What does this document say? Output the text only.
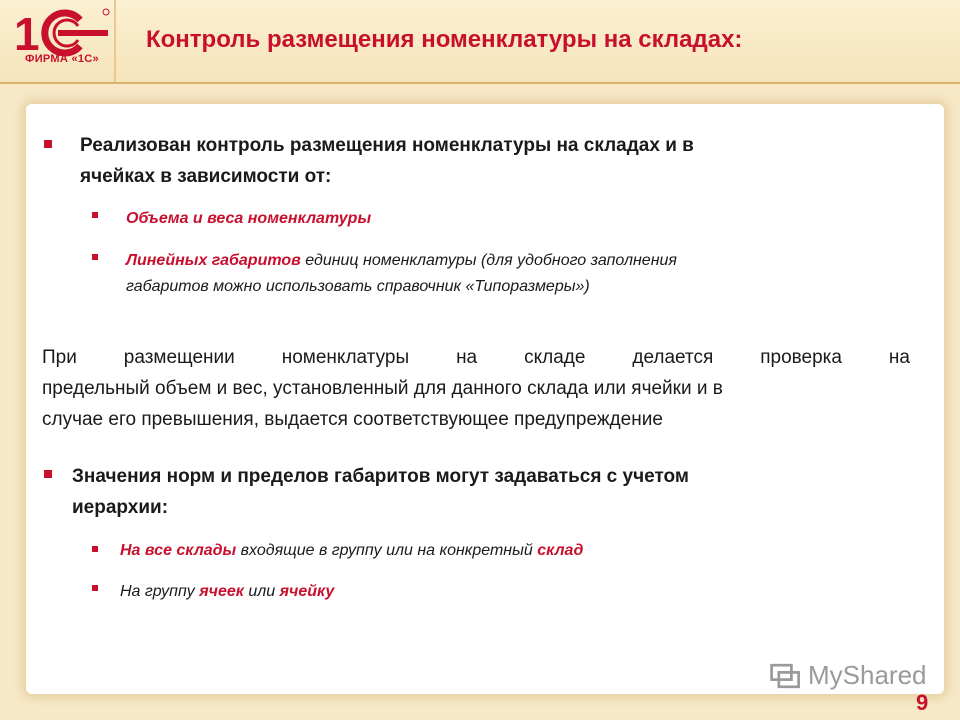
1
ФИРМА «1С»
Контроль размещения номенклатуры на складах:
Реализован контроль размещения номенклатуры на складах и в
ячейках в зависимости от:
Объема и веса номенклатуры
Линейных габаритов единиц номенклатуры (для удобного заполнения
габаритов можно использовать справочник «Типоразмеры»)
При размещении номенклатуры на складе делается проверка на
предельный объем и вес, установленный для данного склада или ячейки и в
случае его превышения, выдается соответствующее предупреждение
Значения норм и пределов габаритов могут задаваться с учетом
иерархии:
На все склады входящие в группу или на конкретный склад
На группу ячеек или ячейку
MyShared
9
